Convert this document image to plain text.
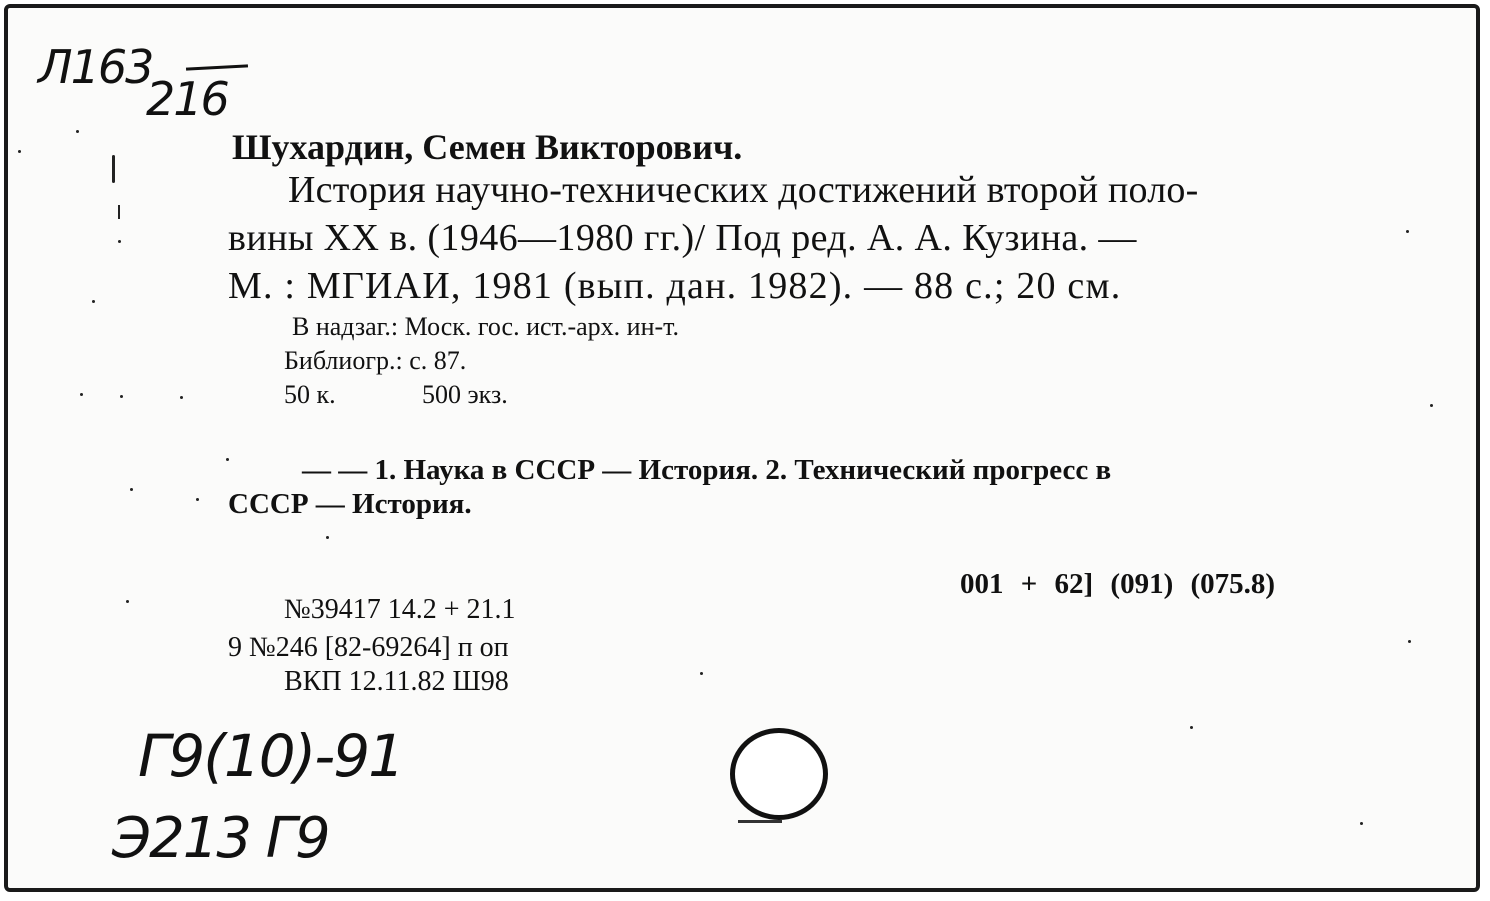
Л163
216
Шухардин, Семен Викторович.
История научно-технических достижений второй поло-
вины XX в. (1946—1980 гг.)/ Под ред. А. А. Кузина. —
М. : МГИАИ, 1981 (вып. дан. 1982). — 88 с.; 20 см.
В надзаг.: Моск. гос. ист.-арх. ин-т.
Библиогр.: с. 87.
50 к.	500 экз.
— — 1. Наука в СССР — История. 2. Технический прогресс в
СССР — История.
001 + 62] (091) (075.8)
№39417 14.2 + 21.1
9 №246 [82-69264] п оп
ВКП 12.11.82 Ш98
Г9(10)-91
Э213 Г9
